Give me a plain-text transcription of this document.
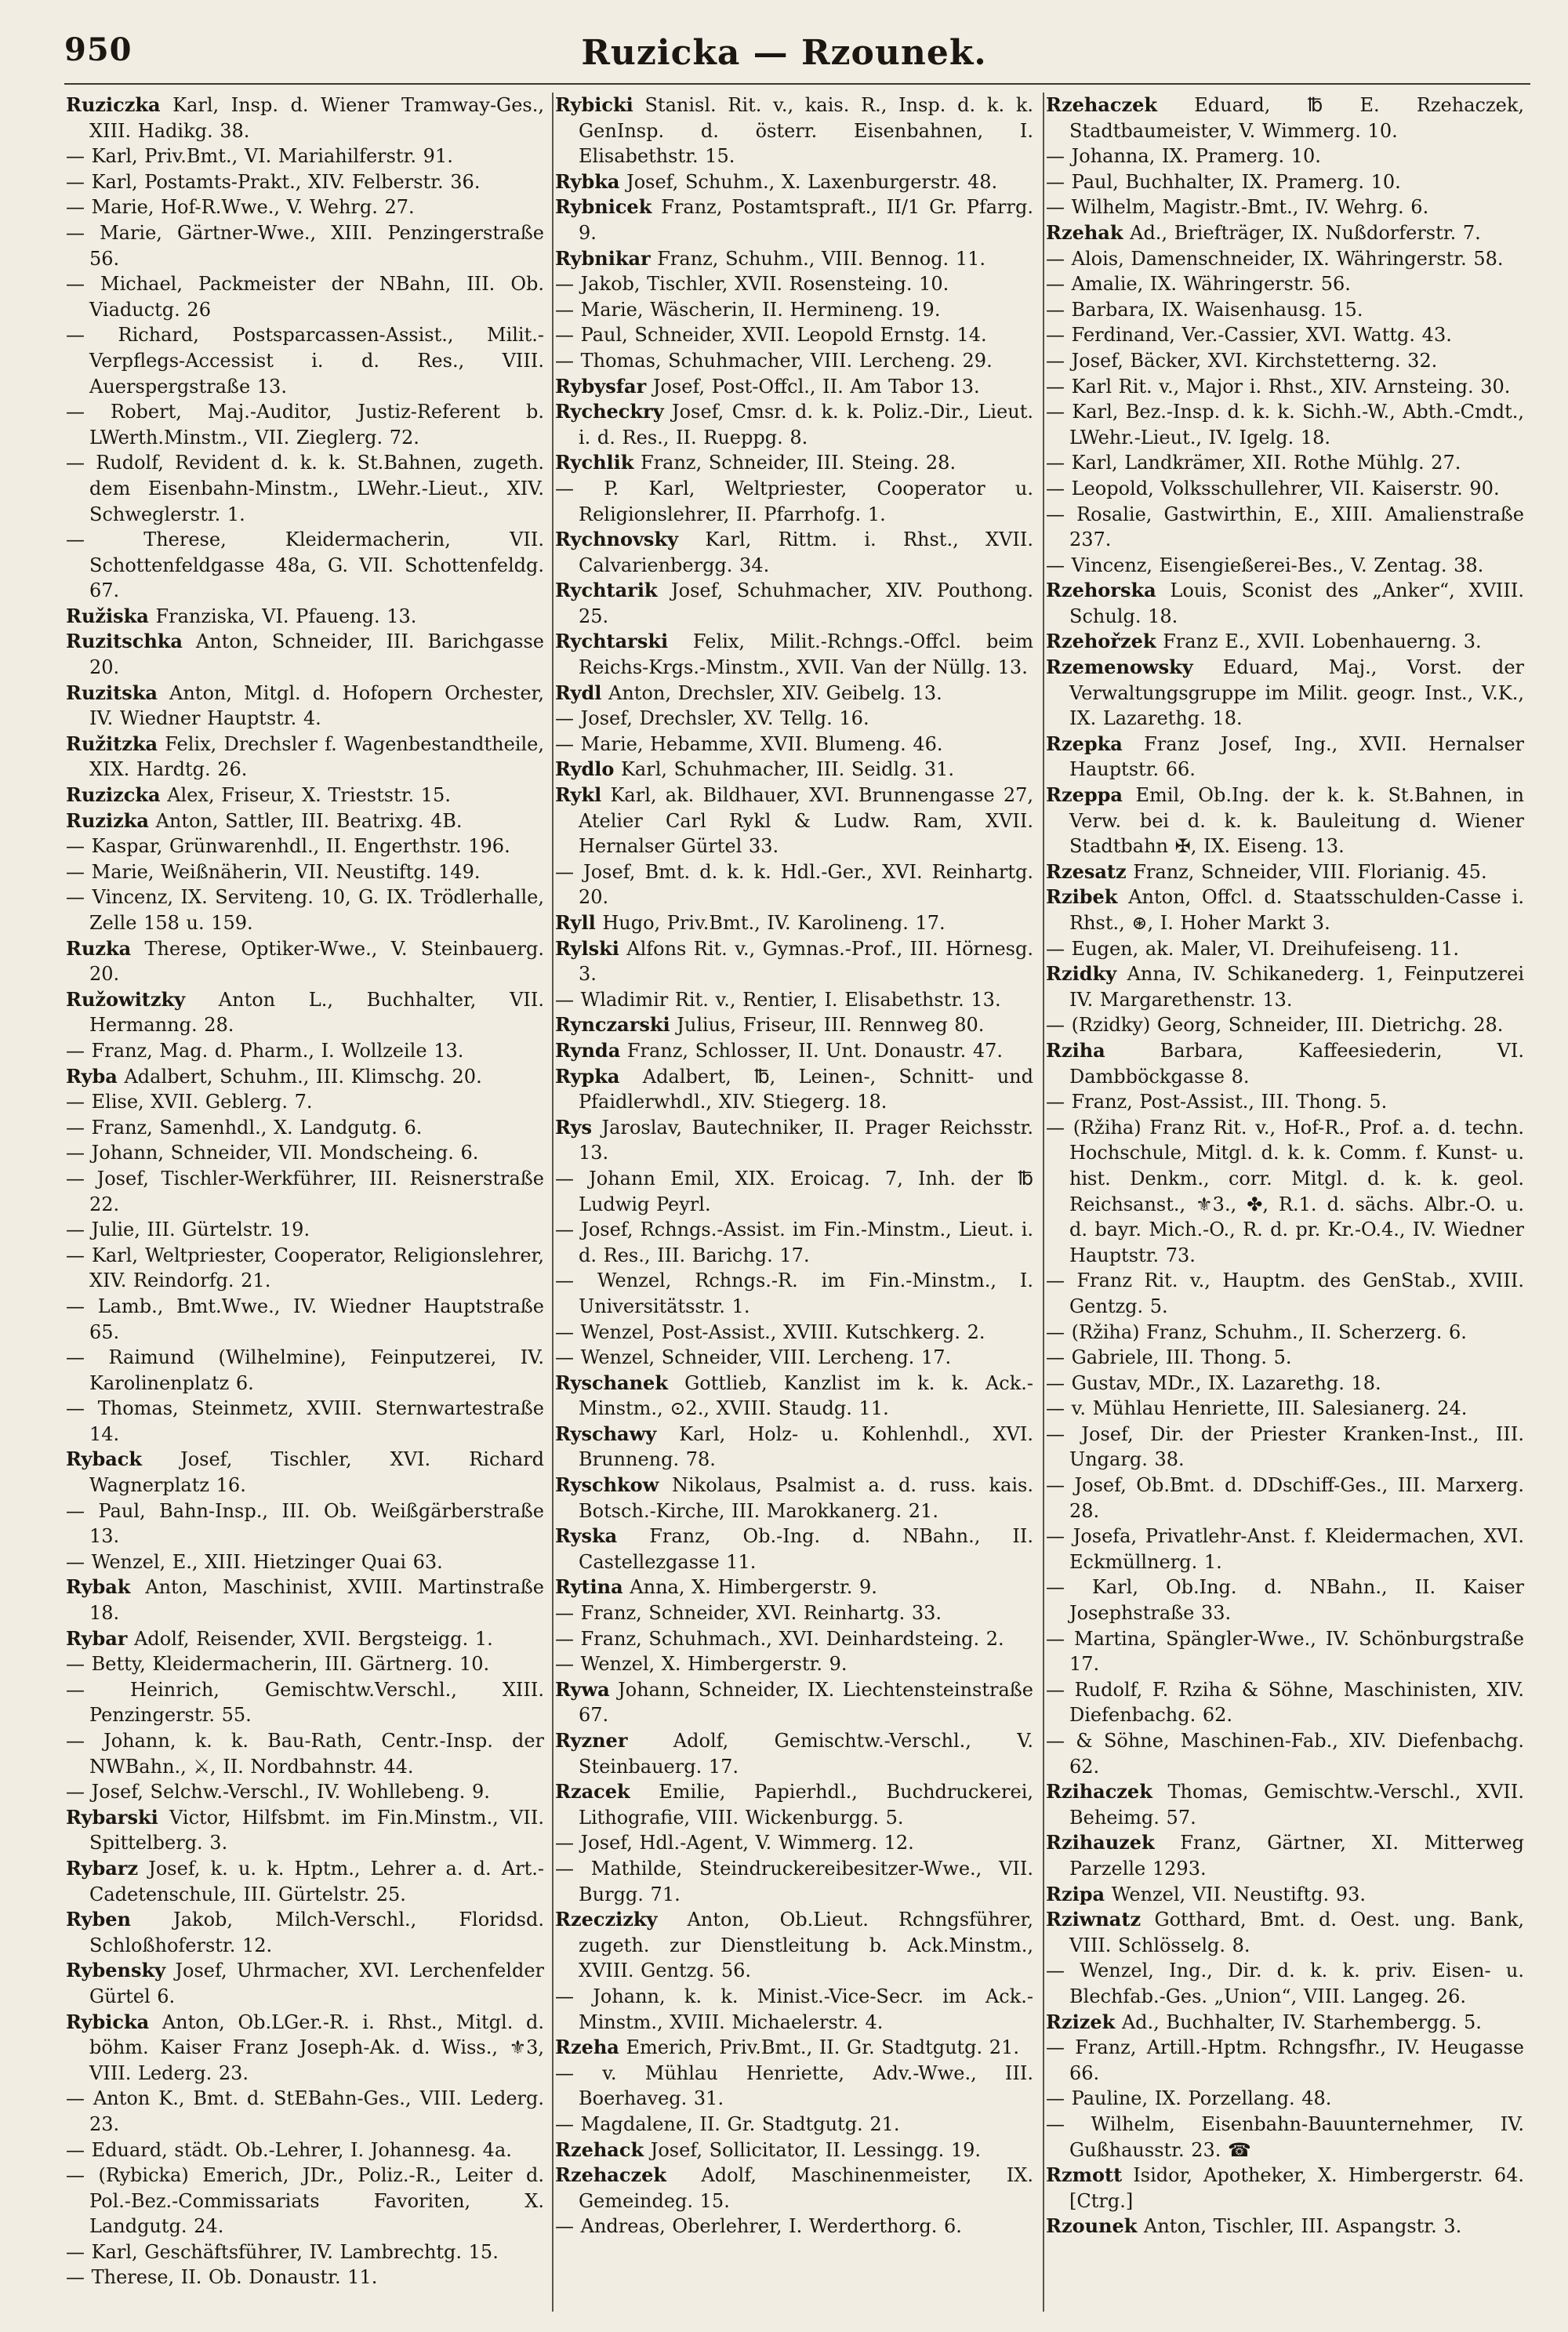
950	Ruzicka — Rzounek.
Ruziczka Karl, Insp. d. Wiener Tramway-Ges., XIII. Hadikg. 38.
— Karl, Priv.Bmt., VI. Mariahilferstr. 91.
— Karl, Postamts-Prakt., XIV. Felberstr. 36.
— Marie, Hof-R.Wwe., V. Wehrg. 27.
— Marie, Gärtner-Wwe., XIII. Penzingerstraße 56.
— Michael, Packmeister der NBahn, III. Ob. Viaductg. 26
— Richard, Postsparcassen-Assist., Milit.-Verpflegs-Accessist i. d. Res., VIII. Auerspergstraße 13.
— Robert, Maj.-Auditor, Justiz-Referent b. LWerth.Minstm., VII. Zieglerg. 72.
— Rudolf, Revident d. k. k. St.Bahnen, zugeth. dem Eisenbahn-Minstm., LWehr.-Lieut., XIV. Schweglerstr. 1.
— Therese, Kleidermacherin, VII. Schottenfeldgasse 48a, G. VII. Schottenfeldg. 67.
Ružiska Franziska, VI. Pfaueng. 13.
Ruzitschka Anton, Schneider, III. Barichgasse 20.
Ruzitska Anton, Mitgl. d. Hofopern Orchester, IV. Wiedner Hauptstr. 4.
Ružitzka Felix, Drechsler f. Wagenbestandtheile, XIX. Hardtg. 26.
Ruzizcka Alex, Friseur, X. Trieststr. 15.
Ruzizka Anton, Sattler, III. Beatrixg. 4B.
— Kaspar, Grünwarenhdl., II. Engerthstr. 196.
— Marie, Weißnäherin, VII. Neustiftg. 149.
— Vincenz, IX. Serviteng. 10, G. IX. Trödlerhalle, Zelle 158 u. 159.
Ruzka Therese, Optiker-Wwe., V. Steinbauerg. 20.
Ružowitzky Anton L., Buchhalter, VII. Hermanng. 28.
— Franz, Mag. d. Pharm., I. Wollzeile 13.
Ryba Adalbert, Schuhm., III. Klimschg. 20.
— Elise, XVII. Geblerg. 7.
— Franz, Samenhdl., X. Landgutg. 6.
— Johann, Schneider, VII. Mondscheing. 6.
— Josef, Tischler-Werkführer, III. Reisnerstraße 22.
— Julie, III. Gürtelstr. 19.
— Karl, Weltpriester, Cooperator, Religionslehrer, XIV. Reindorfg. 21.
— Lamb., Bmt.Wwe., IV. Wiedner Hauptstraße 65.
— Raimund (Wilhelmine), Feinputzerei, IV. Karolinenplatz 6.
— Thomas, Steinmetz, XVIII. Sternwartestraße 14.
Ryback Josef, Tischler, XVI. Richard Wagnerplatz 16.
— Paul, Bahn-Insp., III. Ob. Weißgärberstraße 13.
— Wenzel, E., XIII. Hietzinger Quai 63.
Rybak Anton, Maschinist, XVIII. Martinstraße 18.
Rybar Adolf, Reisender, XVII. Bergsteigg. 1.
— Betty, Kleidermacherin, III. Gärtnerg. 10.
— Heinrich, Gemischtw.Verschl., XIII. Penzingerstr. 55.
— Johann, k. k. Bau-Rath, Centr.-Insp. der NWBahn., ⚔, II. Nordbahnstr. 44.
— Josef, Selchw.-Verschl., IV. Wohllebeng. 9.
Rybarski Victor, Hilfsbmt. im Fin.Minstm., VII. Spittelberg. 3.
Rybarz Josef, k. u. k. Hptm., Lehrer a. d. Art.-Cadetenschule, III. Gürtelstr. 25.
Ryben Jakob, Milch-Verschl., Floridsd. Schloßhoferstr. 12.
Rybensky Josef, Uhrmacher, XVI. Lerchenfelder Gürtel 6.
Rybicka Anton, Ob.LGer.-R. i. Rhst., Mitgl. d. böhm. Kaiser Franz Joseph-Ak. d. Wiss., ⚜3, VIII. Lederg. 23.
— Anton K., Bmt. d. StEBahn-Ges., VIII. Lederg. 23.
— Eduard, städt. Ob.-Lehrer, I. Johannesg. 4a.
— (Rybicka) Emerich, JDr., Poliz.-R., Leiter d. Pol.-Bez.-Commissariats Favoriten, X. Landgutg. 24.
— Karl, Geschäftsführer, IV. Lambrechtg. 15.
— Therese, II. Ob. Donaustr. 11.
Rybicki Stanisl. Rit. v., kais. R., Insp. d. k. k. GenInsp. d. österr. Eisenbahnen, I. Elisabethstr. 15.
Rybka Josef, Schuhm., X. Laxenburgerstr. 48.
Rybnicek Franz, Postamtspraft., II/1 Gr. Pfarrg. 9.
Rybnikar Franz, Schuhm., VIII. Bennog. 11.
— Jakob, Tischler, XVII. Rosensteing. 10.
— Marie, Wäscherin, II. Hermineng. 19.
— Paul, Schneider, XVII. Leopold Ernstg. 14.
— Thomas, Schuhmacher, VIII. Lercheng. 29.
Rybysfar Josef, Post-Offcl., II. Am Tabor 13.
Rycheckry Josef, Cmsr. d. k. k. Poliz.-Dir., Lieut. i. d. Res., II. Rueppg. 8.
Rychlik Franz, Schneider, III. Steing. 28.
— P. Karl, Weltpriester, Cooperator u. Religionslehrer, II. Pfarrhofg. 1.
Rychnovsky Karl, Rittm. i. Rhst., XVII. Calvarienbergg. 34.
Rychtarik Josef, Schuhmacher, XIV. Pouthong. 25.
Rychtarski Felix, Milit.-Rchngs.-Offcl. beim Reichs-Krgs.-Minstm., XVII. Van der Nüllg. 13.
Rydl Anton, Drechsler, XIV. Geibelg. 13.
— Josef, Drechsler, XV. Tellg. 16.
— Marie, Hebamme, XVII. Blumeng. 46.
Rydlo Karl, Schuhmacher, III. Seidlg. 31.
Rykl Karl, ak. Bildhauer, XVI. Brunnengasse 27, Atelier Carl Rykl & Ludw. Ram, XVII. Hernalser Gürtel 33.
— Josef, Bmt. d. k. k. Hdl.-Ger., XVI. Reinhartg. 20.
Ryll Hugo, Priv.Bmt., IV. Karolineng. 17.
Rylski Alfons Rit. v., Gymnas.-Prof., III. Hörnesg. 3.
— Wladimir Rit. v., Rentier, I. Elisabethstr. 13.
Rynczarski Julius, Friseur, III. Rennweg 80.
Rynda Franz, Schlosser, II. Unt. Donaustr. 47.
Rypka Adalbert, ℔, Leinen-, Schnitt- und Pfaidlerwhdl., XIV. Stiegerg. 18.
Rys Jaroslav, Bautechniker, II. Prager Reichsstr. 13.
— Johann Emil, XIX. Eroicag. 7, Inh. der ℔ Ludwig Peyrl.
— Josef, Rchngs.-Assist. im Fin.-Minstm., Lieut. i. d. Res., III. Barichg. 17.
— Wenzel, Rchngs.-R. im Fin.-Minstm., I. Universitätsstr. 1.
— Wenzel, Post-Assist., XVIII. Kutschkerg. 2.
— Wenzel, Schneider, VIII. Lercheng. 17.
Ryschanek Gottlieb, Kanzlist im k. k. Ack.-Minstm., ⊙2., XVIII. Staudg. 11.
Ryschawy Karl, Holz- u. Kohlenhdl., XVI. Brunneng. 78.
Ryschkow Nikolaus, Psalmist a. d. russ. kais. Botsch.-Kirche, III. Marokkanerg. 21.
Ryska Franz, Ob.-Ing. d. NBahn., II. Castellezgasse 11.
Rytina Anna, X. Himbergerstr. 9.
— Franz, Schneider, XVI. Reinhartg. 33.
— Franz, Schuhmach., XVI. Deinhardsteing. 2.
— Wenzel, X. Himbergerstr. 9.
Rywa Johann, Schneider, IX. Liechtensteinstraße 67.
Ryzner Adolf, Gemischtw.-Verschl., V. Steinbauerg. 17.
Rzacek Emilie, Papierhdl., Buchdruckerei, Lithografie, VIII. Wickenburgg. 5.
— Josef, Hdl.-Agent, V. Wimmerg. 12.
— Mathilde, Steindruckereibesitzer-Wwe., VII. Burgg. 71.
Rzeczizky Anton, Ob.Lieut. Rchngsführer, zugeth. zur Dienstleitung b. Ack.Minstm., XVIII. Gentzg. 56.
— Johann, k. k. Minist.-Vice-Secr. im Ack.-Minstm., XVIII. Michaelerstr. 4.
Rzeha Emerich, Priv.Bmt., II. Gr. Stadtgutg. 21.
— v. Mühlau Henriette, Adv.-Wwe., III. Boerhaveg. 31.
— Magdalene, II. Gr. Stadtgutg. 21.
Rzehack Josef, Sollicitator, II. Lessingg. 19.
Rzehaczek Adolf, Maschinenmeister, IX. Gemeindeg. 15.
— Andreas, Oberlehrer, I. Werderthorg. 6.
Rzehaczek Eduard, ℔ E. Rzehaczek, Stadtbaumeister, V. Wimmerg. 10.
— Johanna, IX. Pramerg. 10.
— Paul, Buchhalter, IX. Pramerg. 10.
— Wilhelm, Magistr.-Bmt., IV. Wehrg. 6.
Rzehak Ad., Briefträger, IX. Nußdorferstr. 7.
— Alois, Damenschneider, IX. Währingerstr. 58.
— Amalie, IX. Währingerstr. 56.
— Barbara, IX. Waisenhausg. 15.
— Ferdinand, Ver.-Cassier, XVI. Wattg. 43.
— Josef, Bäcker, XVI. Kirchstetterng. 32.
— Karl Rit. v., Major i. Rhst., XIV. Arnsteing. 30.
— Karl, Bez.-Insp. d. k. k. Sichh.-W., Abth.-Cmdt., LWehr.-Lieut., IV. Igelg. 18.
— Karl, Landkrämer, XII. Rothe Mühlg. 27.
— Leopold, Volksschullehrer, VII. Kaiserstr. 90.
— Rosalie, Gastwirthin, E., XIII. Amalienstraße 237.
— Vincenz, Eisengießerei-Bes., V. Zentag. 38.
Rzehorska Louis, Sconist des „Anker“, XVIII. Schulg. 18.
Rzehořzek Franz E., XVII. Lobenhauerng. 3.
Rzemenowsky Eduard, Maj., Vorst. der Verwaltungsgruppe im Milit. geogr. Inst., V.K., IX. Lazarethg. 18.
Rzepka Franz Josef, Ing., XVII. Hernalser Hauptstr. 66.
Rzeppa Emil, Ob.Ing. der k. k. St.Bahnen, in Verw. bei d. k. k. Bauleitung d. Wiener Stadtbahn ✠, IX. Eiseng. 13.
Rzesatz Franz, Schneider, VIII. Florianig. 45.
Rzibek Anton, Offcl. d. Staatsschulden-Casse i. Rhst., ⊛, I. Hoher Markt 3.
— Eugen, ak. Maler, VI. Dreihufeiseng. 11.
Rzidky Anna, IV. Schikanederg. 1, Feinputzerei IV. Margarethenstr. 13.
— (Rzidky) Georg, Schneider, III. Dietrichg. 28.
Rziha Barbara, Kaffeesiederin, VI. Dambböckgasse 8.
— Franz, Post-Assist., III. Thong. 5.
— (Ržiha) Franz Rit. v., Hof-R., Prof. a. d. techn. Hochschule, Mitgl. d. k. k. Comm. f. Kunst- u. hist. Denkm., corr. Mitgl. d. k. k. geol. Reichsanst., ⚜3., ✤, R.1. d. sächs. Albr.-O. u. d. bayr. Mich.-O., R. d. pr. Kr.-O.4., IV. Wiedner Hauptstr. 73.
— Franz Rit. v., Hauptm. des GenStab., XVIII. Gentzg. 5.
— (Ržiha) Franz, Schuhm., II. Scherzerg. 6.
— Gabriele, III. Thong. 5.
— Gustav, MDr., IX. Lazarethg. 18.
— v. Mühlau Henriette, III. Salesianerg. 24.
— Josef, Dir. der Priester Kranken-Inst., III. Ungarg. 38.
— Josef, Ob.Bmt. d. DDschiff-Ges., III. Marxerg. 28.
— Josefa, Privatlehr-Anst. f. Kleidermachen, XVI. Eckmüllnerg. 1.
— Karl, Ob.Ing. d. NBahn., II. Kaiser Josephstraße 33.
— Martina, Spängler-Wwe., IV. Schönburgstraße 17.
— Rudolf, F. Rziha & Söhne, Maschinisten, XIV. Diefenbachg. 62.
— & Söhne, Maschinen-Fab., XIV. Diefenbachg. 62.
Rzihaczek Thomas, Gemischtw.-Verschl., XVII. Beheimg. 57.
Rzihauzek Franz, Gärtner, XI. Mitterweg Parzelle 1293.
Rzipa Wenzel, VII. Neustiftg. 93.
Rziwnatz Gotthard, Bmt. d. Oest. ung. Bank, VIII. Schlösselg. 8.
— Wenzel, Ing., Dir. d. k. k. priv. Eisen- u. Blechfab.-Ges. „Union“, VIII. Langeg. 26.
Rzizek Ad., Buchhalter, IV. Starhembergg. 5.
— Franz, Artill.-Hptm. Rchngsfhr., IV. Heugasse 66.
— Pauline, IX. Porzellang. 48.
— Wilhelm, Eisenbahn-Bauunternehmer, IV. Gußhausstr. 23. ☎
Rzmott Isidor, Apotheker, X. Himbergerstr. 64. [Ctrg.]
Rzounek Anton, Tischler, III. Aspangstr. 3.
